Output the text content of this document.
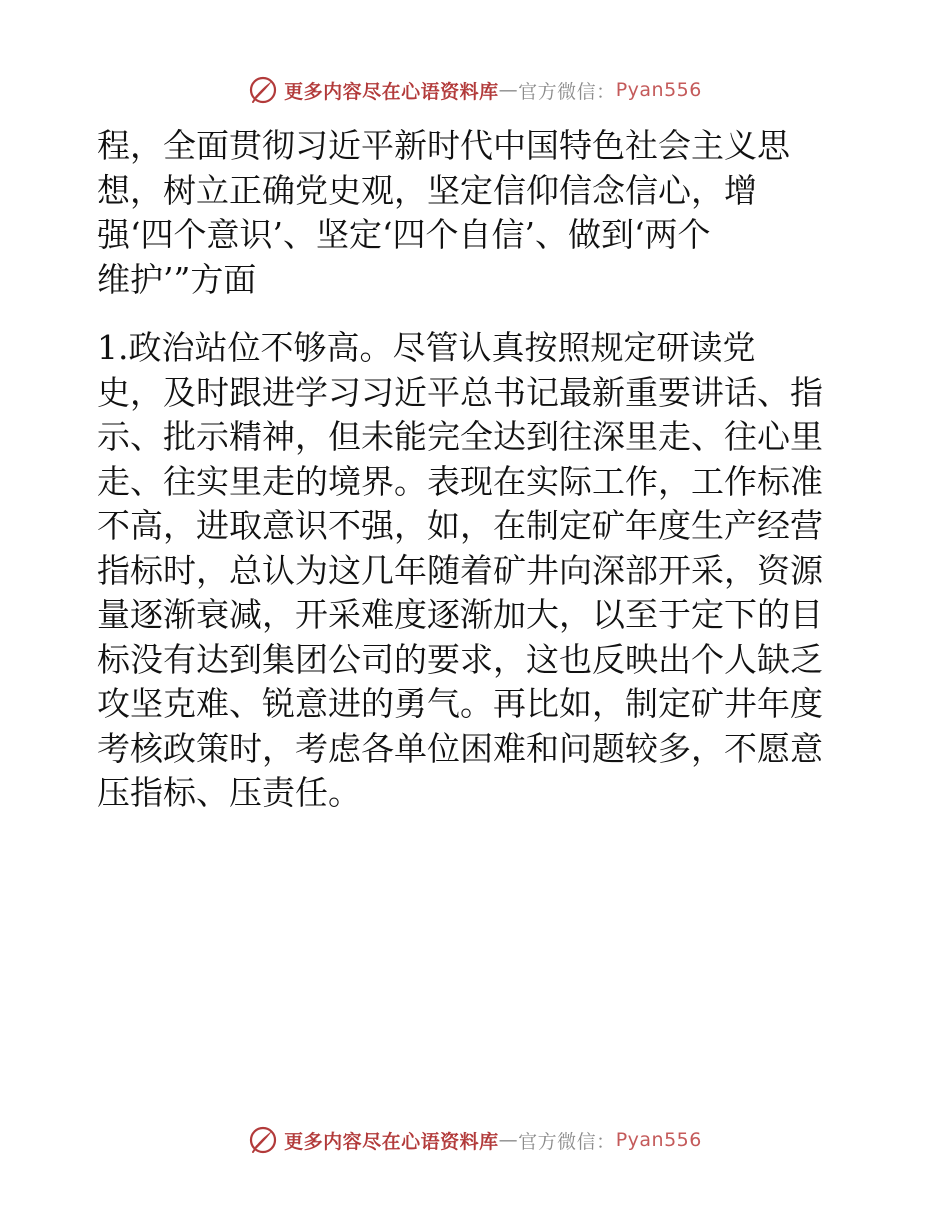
更多内容尽在心语资料库 — 官方微信： Pyan556
程，全面贯彻习近平新时代中国特色社会主义思
想，树立正确党史观，坚定信仰信念信心，增
强‘四个意识’、坚定‘四个自信’、做到‘两个
维护’”方面
1.政治站位不够高。尽管认真按照规定研读党
史，及时跟进学习习近平总书记最新重要讲话、指
示、批示精神，但未能完全达到往深里走、往心里
走、往实里走的境界。表现在实际工作，工作标准
不高，进取意识不强，如，在制定矿年度生产经营
指标时，总认为这几年随着矿井向深部开采，资源
量逐渐衰减，开采难度逐渐加大，以至于定下的目
标没有达到集团公司的要求，这也反映出个人缺乏
攻坚克难、锐意进的勇气。再比如，制定矿井年度
考核政策时，考虑各单位困难和问题较多，不愿意
压指标、压责任。
更多内容尽在心语资料库 — 官方微信： Pyan556
